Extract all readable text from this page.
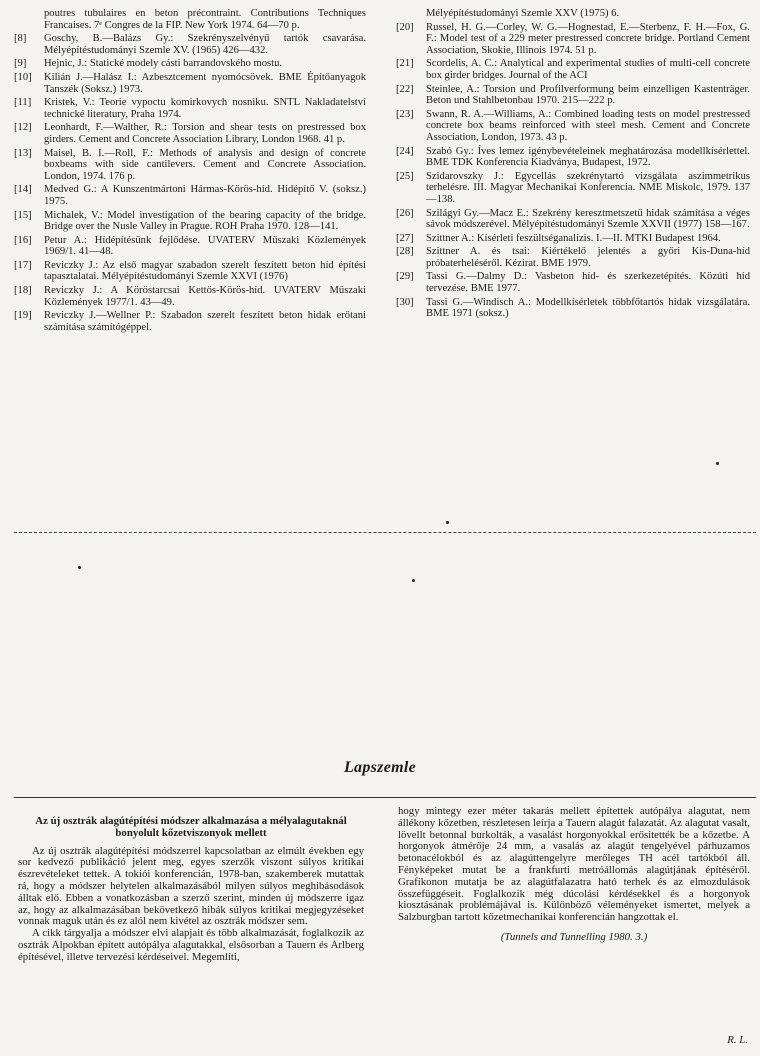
poutres tubulaires en beton précontraint. Contributions Techniques Francaises. 7ᵉ Congres de la FIP. New York 1974. 64—70 p.
[8] Goschy, B.—Balázs Gy.: Szekrényszelvényű tartók csavarása. Mélyépítéstudományi Szemle XV. (1965) 426—432.
[9] Hejnic, J.: Statické modely cásti barrandovského mostu.
[10] Kilián J.—Halász I.: Azbesztcement nyomócsövek. BME Építőanyagok Tanszék (Soksz.) 1973.
[11] Kristek, V.: Teorie vypoctu komirkovych nosniku. SNTL Nakladatelství technické literatury, Praha 1974.
[12] Leonhardt, F.—Walther, R.: Torsion and shear tests on prestressed box girders. Cement and Concrete Association Library, London 1968. 41 p.
[13] Maisel, B. I.—Roll, F.: Methods of analysis and design of concrete boxbeams with side cantilevers. Cement and Concrete Association. London, 1974. 176 p.
[14] Medved G.: A Kunszentmártoni Hármas-Körös-híd. Hídépítő V. (soksz.) 1975.
[15] Michalek, V.: Model investigation of the bearing capacity of the bridge. Bridge over the Nusle Valley in Prague. ROH Praha 1970. 128—141.
[16] Petur A.: Hídépítésünk fejlődése. UVATERV Műszaki Közlemények 1969/1. 41—48.
[17] Reviczky J.: Az első magyar szabadon szerelt feszített beton híd építési tapasztalatai. Mélyépítéstudományi Szemle XXVI (1976)
[18] Reviczky J.: A Köröstarcsai Kettős-Körös-híd. UVATERV Műszaki Közlemények 1977/1. 43—49.
[19] Reviczky J.—Wellner P.: Szabadon szerelt feszített beton hidak erőtani számítása számítógéppel.
Mélyépítéstudományi Szemle XXV (1975) 6.
[20] Russel, H. G.—Corley, W. G.—Hognestad, E.—Sterbenz, F. H.—Fox, G. F.: Model test of a 229 meter prestressed concrete bridge. Portland Cement Association, Skokie, Illinois 1974. 51 p.
[21] Scordelis, A. C.: Analytical and experimental studies of multi-cell concrete box girder bridges. Journal of the ACI
[22] Steinlee, A.: Torsion und Profilverformung beim einzelligen Kastenträger. Beton und Stahlbetonbau 1970. 215—222 p.
[23] Swann, R. A.—Williams, A.: Combined loading tests on model prestressed concrete box beams reinforced with steel mesh. Cement and Concrete Association, London, 1973. 43 p.
[24] Szabó Gy.: Íves lemez igénybevételeinek meghatározása modellkísérlettel. BME TDK Konferencia Kiadványa, Budapest, 1972.
[25] Szidarovszky J.: Egycellás szekrénytartó vizsgálata aszimmetrikus terhelésre. III. Magyar Mechanikai Konferencia. NME Miskolc, 1979. 137—138.
[26] Szilágyi Gy.—Macz E.: Szekrény keresztmetszetű hidak számítása a véges sávok módszerével. Mélyépítéstudományi Szemle XXVII (1977) 158—167.
[27] Szittner A.: Kísérleti feszültséganalízis. I.—II. MTKI Budapest 1964.
[28] Szittner A. és tsai: Kiértékelő jelentés a győri Kis-Duna-híd próbaterheléséről. Kézirat. BME 1979.
[29] Tassi G.—Dalmy D.: Vasbeton híd- és szerkezetépítés. Közúti híd tervezése. BME 1977.
[30] Tassi G.—Windisch A.: Modellkísérletek többfőtartós hidak vizsgálatára. BME 1971 (soksz.)
Lapszemle
Az új osztrák alagútépítési módszer alkalmazása a mélyalagutaknál bonyolult kőzetviszonyok mellett

Az új osztrák alagútépítési módszerrel kapcsolatban az elmúlt években egy sor kedvező publikáció jelent meg, egyes szerzők viszont súlyos kritikai észrevételeket tettek. A tokiói konferencián, 1978-ban, szakemberek mutattak rá, hogy a módszer helytelen alkalmazásából milyen súlyos meghibásodások álltak elő. Ebben a vonatkozásban a szerző szerint, minden új módszerre igaz az, hogy az alkalmazásában bekövetkező hibák súlyos kritikai megjegyzéseket vonnak maguk után és ez alól nem kivétel az osztrák módszer sem.

A cikk tárgyalja a módszer elvi alapjait és több alkalmazását, foglalkozik az osztrák Alpokban épített autópálya alagutakkal, elsősorban a Tauern és Arlberg építésével, illetve tervezési kérdéseivel. Megemlíti,

hogy mintegy ezer méter takarás mellett építettek autópálya alagutat, nem állékony kőzetben, részletesen leírja a Tauern alagút falazatát. Az alagutat vasalt, lövellt betonnal burkolták, a vasalást horgonyokkal erősítették be a kőzetbe. A horgonyok átmérője 24 mm, a vasalás az alagút tengelyével párhuzamos betonacélokból és az alagúttengelyre merőleges TH acél tartókból áll. Fényképeket mutat be a frankfurti metróállomás alagútjának építéséről. Grafikonon mutatja be az alagútfalazatra ható terhek és az elmozdulások összefüggéseit. Foglalkozik még dúcolási kérdésekkel és a horgonyok kiosztásának problémájával is. Különböző véleményeket ismertet, melyek a Salzburgban tartott kőzetmechanikai konferencián hangzottak el.

(Tunnels and Tunnelling 1980. 3.)
R. L.
